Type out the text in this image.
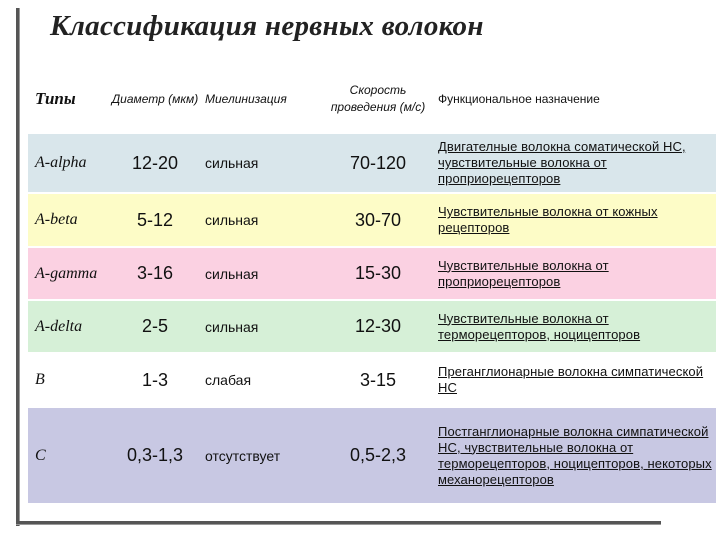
Классификация нервных волокон
Типы	Диаметр (мкм)	Миелинизация	Скорость проведения (м/с)	Функциональное назначение
A-alpha	12-20	сильная	70-120	Двигателные волокна соматической НС, чувствительные волокна от проприорецепторов
A-beta	5-12	сильная	30-70	Чувствительные волокна от кожных рецепторов
A-gamma	3-16	сильная	15-30	Чувствительные волокна от проприорецепторов
A-delta	2-5	сильная	12-30	Чувствительные волокна от терморецепторов, ноцицепторов
B	1-3	слабая	3-15	Преганглионарные волокна симпатической НС
C	0,3-1,3	отсутствует	0,5-2,3	Постганглионарные волокна симпатической НС, чувствительные волокна от терморецепторов, ноцицепторов, некоторых механорецепторов
